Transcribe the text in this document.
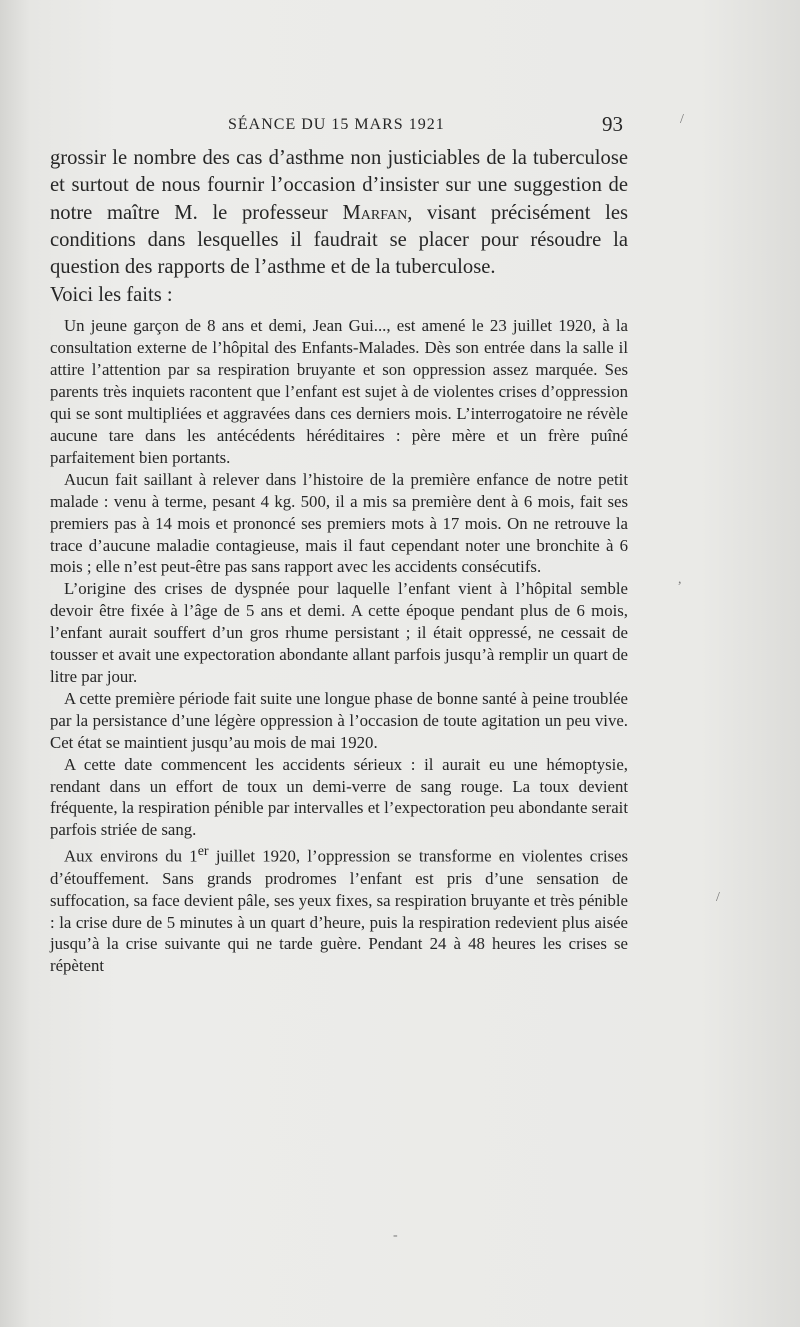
SÉANCE DU 15 MARS 1921	93

grossir le nombre des cas d’asthme non justiciables de la tuberculose et surtout de nous fournir l’occasion d’insister sur une suggestion de notre maître M. le professeur Marfan, visant précisément les conditions dans lesquelles il faudrait se placer pour résoudre la question des rapports de l’asthme et de la tuberculose.

Voici les faits :

Un jeune garçon de 8 ans et demi, Jean Gui..., est amené le 23 juillet 1920, à la consultation externe de l’hôpital des Enfants-Malades. Dès son entrée dans la salle il attire l’attention par sa respiration bruyante et son oppression assez marquée. Ses parents très inquiets racontent que l’enfant est sujet à de violentes crises d’oppression qui se sont multipliées et aggravées dans ces derniers mois. L’interrogatoire ne révèle aucune tare dans les antécédents héréditaires : père mère et un frère puîné parfaitement bien portants.

Aucun fait saillant à relever dans l’histoire de la première enfance de notre petit malade : venu à terme, pesant 4 kg. 500, il a mis sa première dent à 6 mois, fait ses premiers pas à 14 mois et prononcé ses premiers mots à 17 mois. On ne retrouve la trace d’aucune maladie contagieuse, mais il faut cependant noter une bronchite à 6 mois ; elle n’est peut-être pas sans rapport avec les accidents consécutifs.

L’origine des crises de dyspnée pour laquelle l’enfant vient à l’hôpital semble devoir être fixée à l’âge de 5 ans et demi. A cette époque pendant plus de 6 mois, l’enfant aurait souffert d’un gros rhume persistant ; il était oppressé, ne cessait de tousser et avait une expectoration abondante allant parfois jusqu’à remplir un quart de litre par jour.

A cette première période fait suite une longue phase de bonne santé à peine troublée par la persistance d’une légère oppression à l’occasion de toute agitation un peu vive. Cet état se maintient jusqu’au mois de mai 1920.

A cette date commencent les accidents sérieux : il aurait eu une hémoptysie, rendant dans un effort de toux un demi-verre de sang rouge. La toux devient fréquente, la respiration pénible par intervalles et l’expectoration peu abondante serait parfois striée de sang.

Aux environs du 1er juillet 1920, l’oppression se transforme en violentes crises d’étouffement. Sans grands prodromes l’enfant est pris d’une sensation de suffocation, sa face devient pâle, ses yeux fixes, sa respiration bruyante et très pénible : la crise dure de 5 minutes à un quart d’heure, puis la respiration redevient plus aisée jusqu’à la crise suivante qui ne tarde guère. Pendant 24 à 48 heures les crises se répètent

/
,
/
-
